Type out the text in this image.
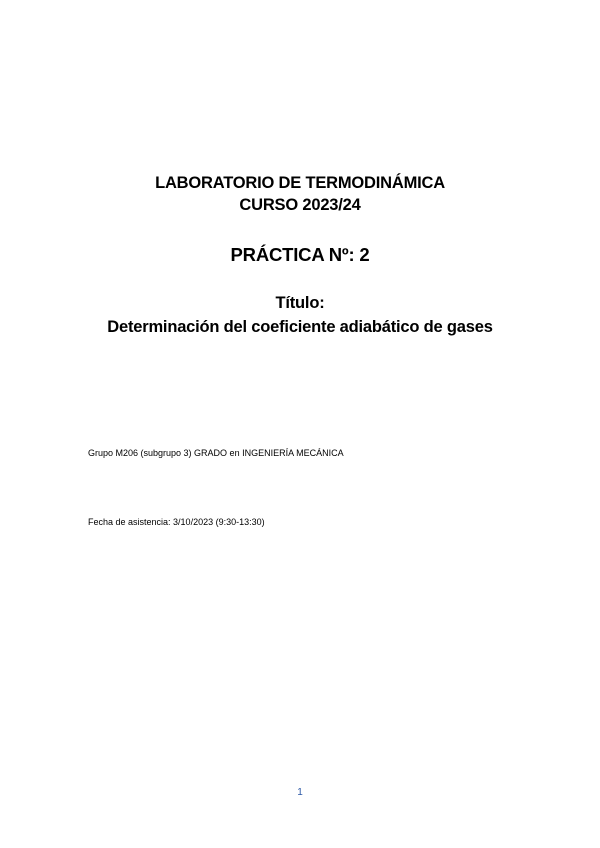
LABORATORIO DE TERMODINÁMICA
CURSO 2023/24
PRÁCTICA Nº: 2
Título:
Determinación del coeficiente adiabático de gases
Grupo M206 (subgrupo 3) GRADO en INGENIERÍA MECÁNICA
Fecha de asistencia: 3/10/2023 (9:30-13:30)
1
